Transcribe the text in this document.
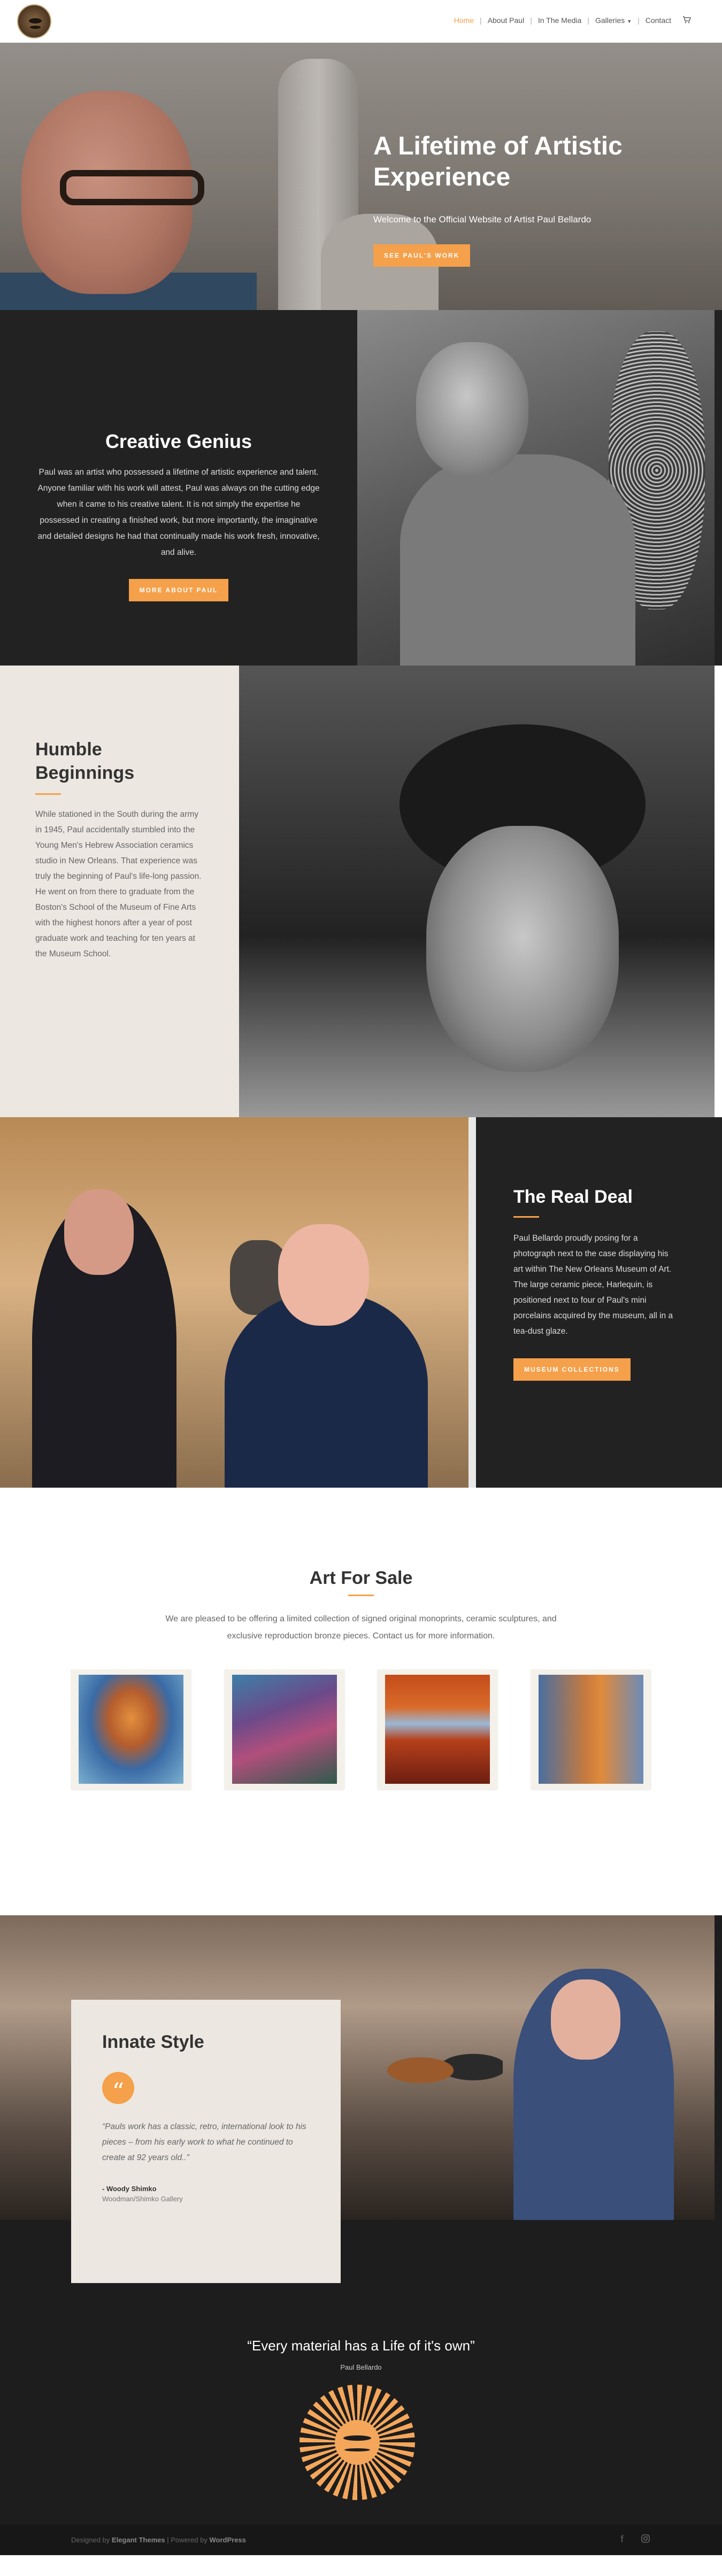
Home | About Paul | In The Media | Galleries ▼ | Contact
A Lifetime of Artistic Experience

Welcome to the Official Website of Artist Paul Bellardo

SEE PAUL'S WORK
Creative Genius

Paul was an artist who possessed a lifetime of artistic experience and talent. Anyone familiar with his work will attest, Paul was always on the cutting edge when it came to his creative talent. It is not simply the expertise he possessed in creating a finished work, but more importantly, the imaginative and detailed designs he had that continually made his work fresh, innovative, and alive.

MORE ABOUT PAUL
Humble Beginnings

While stationed in the South during the army in 1945, Paul accidentally stumbled into the Young Men's Hebrew Association ceramics studio in New Orleans. That experience was truly the beginning of Paul's life-long passion. He went on from there to graduate from the Boston's School of the Museum of Fine Arts with the highest honors after a year of post graduate work and teaching for ten years at the Museum School.

The Real Deal

Paul Bellardo proudly posing for a photograph next to the case displaying his art within The New Orleans Museum of Art. The large ceramic piece, Harlequin, is positioned next to four of Paul's mini porcelains acquired by the museum, all in a tea-dust glaze.

MUSEUM COLLECTIONS
Art For Sale

We are pleased to be offering a limited collection of signed original monoprints, ceramic sculptures, and exclusive reproduction bronze pieces. Contact us for more information.

Innate Style
“

“Pauls work has a classic, retro, international look to his pieces – from his early work to what he continued to create at 92 years old..”

- Woody Shimko

Woodman/Shimko Gallery

“Every material has a Life of it's own”

Paul Bellardo

Designed by Elegant Themes | Powered by WordPress	f
